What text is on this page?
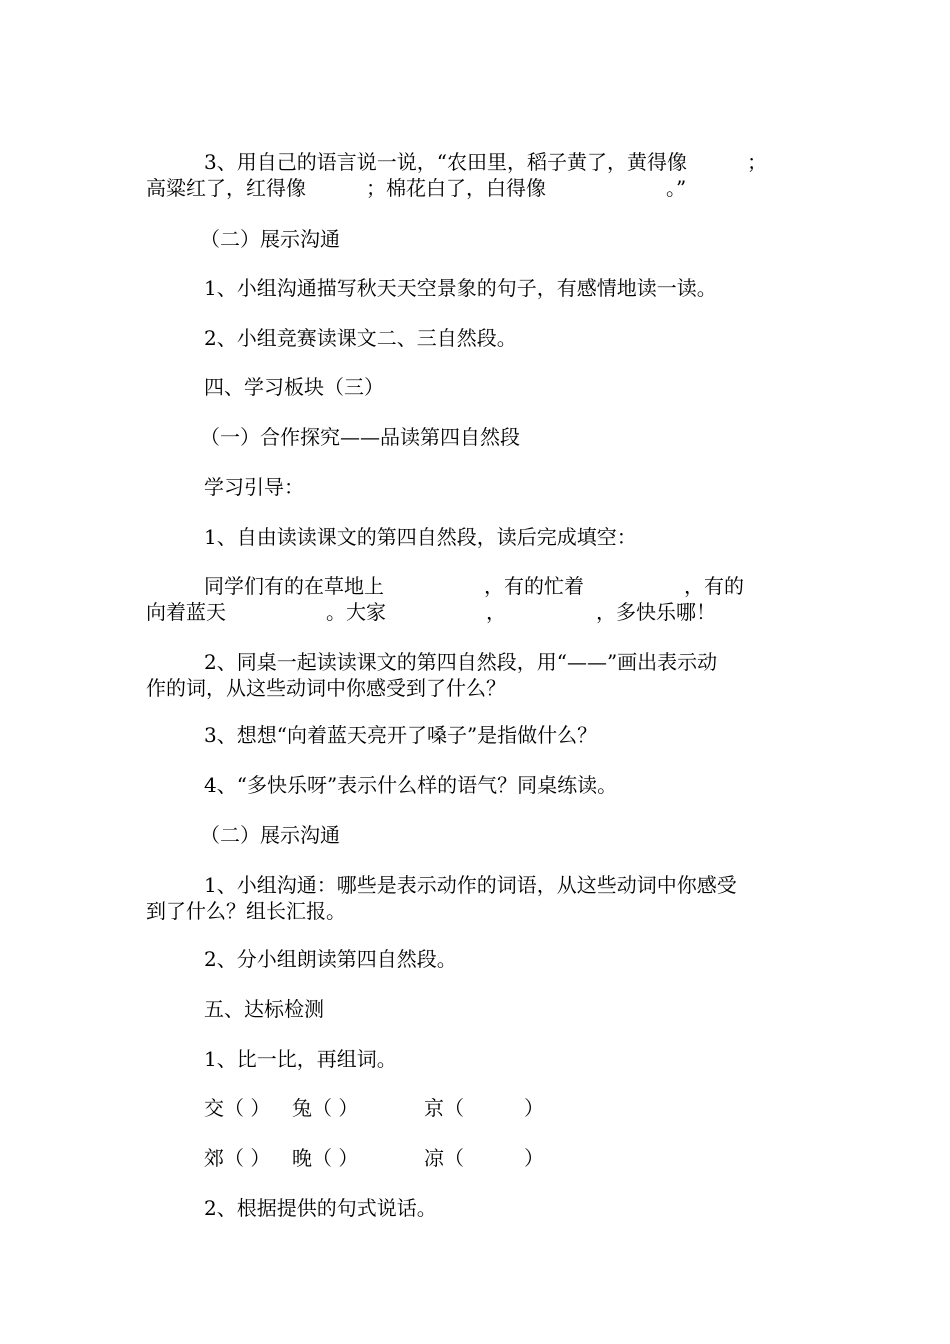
3、用自己的语言说一说，“农田里，稻子黄了，黄得像　　　；

高粱红了，红得像　　　；棉花白了，白得像　　　　　　。”

（二）展示沟通

1、小组沟通描写秋天天空景象的句子，有感情地读一读。

2、小组竞赛读课文二、三自然段。

四、学习板块（三）

（一）合作探究——品读第四自然段

学习引导：

1、自由读读课文的第四自然段，读后完成填空：

同学们有的在草地上　　　　　，有的忙着　　　　　，有的

向着蓝天　　　　　。大家　　　　　，　　　　　，多快乐哪！

2、同桌一起读读课文的第四自然段，用“——”画出表示动

作的词，从这些动词中你感受到了什么？

3、想想“向着蓝天亮开了嗓子”是指做什么？

4、“多快乐呀”表示什么样的语气？同桌练读。

（二）展示沟通

1、小组沟通：哪些是表示动作的词语，从这些动词中你感受

到了什么？组长汇报。

2、分小组朗读第四自然段。

五、达标检测

1、比一比，再组词。

交（ ） 兔（ ）	京（　　　）
郊（ ） 晚（ ）	凉（　　　）

2、根据提供的句式说话。
